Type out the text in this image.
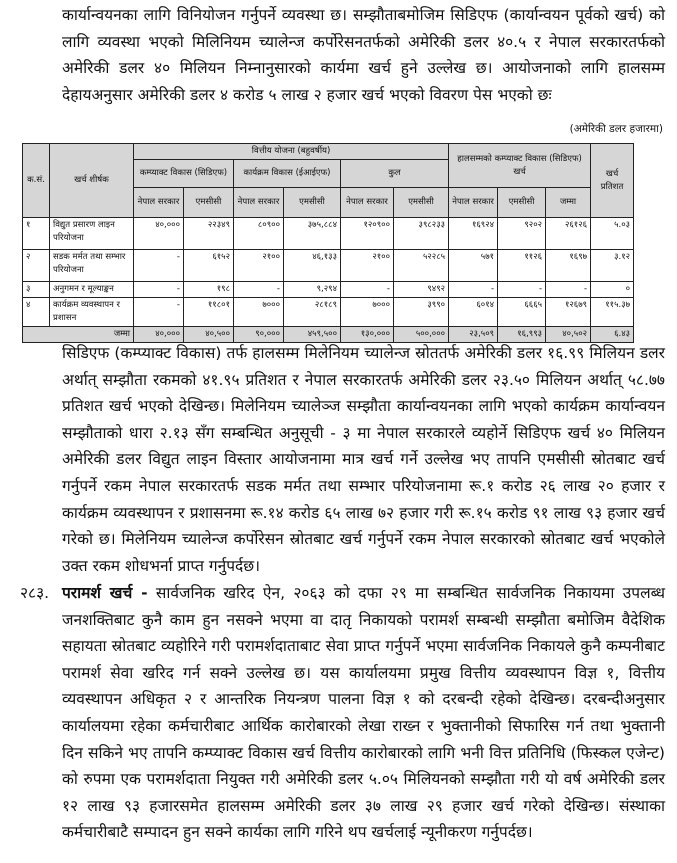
कार्यान्वयनका लागि विनियोजन गर्नुपर्ने व्यवस्था छ। सम्झौताबमोजिम सिडिएफ (कार्यान्वयन पूर्वको खर्च) को लागि व्यवस्था भएको मिलिनियम च्यालेन्ज कर्पोरेसनतर्फको अमेरिकी डलर ४०.५ र नेपाल सरकारतर्फको अमेरिकी डलर ४० मिलियन निम्नानुसारको कार्यमा खर्च हुने उल्लेख छ। आयोजनाको लागि हालसम्म देहायअनुसार अमेरिकी डलर ४ करोड ५ लाख २ हजार खर्च भएको विवरण पेस भएको छः

(अमेरिकी डलर हजारमा)
क.सं.	खर्च शीर्षक	वित्तीय योजना (बहुवर्षीय)						हालसम्मको कम्प्याक्ट विकास (सिडिएफ) खर्च			खर्च प्रतिशत
		कम्प्याक्ट विकास (सिडिएफ)		कार्यक्रम विकास (ईआईएफ)		कुल					
		नेपाल सरकार	एमसीसी	नेपाल सरकार	एमसीसी	नेपाल सरकार	एमसीसी	नेपाल सरकार	एमसीसी	जम्मा	
१	विद्युत प्रसारण लाइन परियोजना	४०,०००	२२३४९	८०९००	३७५,८८४	१२०९००	३९८२३३	१६९२४	९२०२	२६१२६	५.०३
२	सडक मर्मत तथा सम्भार परियोजना	-	६१५२	२१००	४६,१३३	२१००	५२२८५	५७१	११२६	१६९७	३.१२
३	अनुगमन र मूल्याङ्कन	-	१९८	-	९,२९४	-	९४९२	-	-	-	०
४	कार्यक्रम व्यवस्थापन र प्रशासन	-	११८०१	७०००	२८१८९	७०००	३९९०	६०१४	६६६५	१२६७९	११५.३७
जम्मा		४०,०००	४०,५००	९०,०००	४५९,५००	१३०,०००	५००,०००	२३,५०९	१६,९९३	४०,५०२	६.४३

सिडिएफ (कम्प्याक्ट विकास) तर्फ हालसम्म मिलेनियम च्यालेन्ज स्रोततर्फ अमेरिकी डलर १६.९९ मिलियन डलर अर्थात् सम्झौता रकमको ४१.९५ प्रतिशत र नेपाल सरकारतर्फ अमेरिकी डलर २३.५० मिलियन अर्थात् ५८.७७ प्रतिशत खर्च भएको देखिन्छ। मिलेनियम च्यालेञ्ज सम्झौता कार्यान्वयनका लागि भएको कार्यक्रम कार्यान्वयन सम्झौताको धारा २.१३ सँग सम्बन्धित अनुसूची - ३ मा नेपाल सरकारले व्यहोर्ने सिडिएफ खर्च ४० मिलियन अमेरिकी डलर विद्युत लाइन विस्तार आयोजनामा मात्र खर्च गर्ने उल्लेख भए तापनि एमसीसी स्रोतबाट खर्च गर्नुपर्ने रकम नेपाल सरकारतर्फ सडक मर्मत तथा सम्भार परियोजनामा रू.१ करोड २६ लाख २० हजार र कार्यक्रम व्यवस्थापन र प्रशासनमा रू.१४ करोड ६५ लाख ७२ हजार गरी रू.१५ करोड ९१ लाख ९३ हजार खर्च गरेको छ। मिलेनियम च्यालेन्ज कर्पोरेसन स्रोतबाट खर्च गर्नुपर्ने रकम नेपाल सरकारको स्रोतबाट खर्च भएकोले उक्त रकम शोधभर्ना प्राप्त गर्नुपर्दछ।

२८३. परामर्श खर्च - सार्वजनिक खरिद ऐन, २०६३ को दफा २९ मा सम्बन्धित सार्वजनिक निकायमा उपलब्ध जनशक्तिबाट कुनै काम हुन नसक्ने भएमा वा दातृ निकायको परामर्श सम्बन्धी सम्झौता बमोजिम वैदेशिक सहायता स्रोतबाट व्यहोरिने गरी परामर्शदाताबाट सेवा प्राप्त गर्नुपर्ने भएमा सार्वजनिक निकायले कुनै कम्पनीबाट परामर्श सेवा खरिद गर्न सक्ने उल्लेख छ। यस कार्यालयमा प्रमुख वित्तीय व्यवस्थापन विज्ञ १, वित्तीय व्यवस्थापन अधिकृत २ र आन्तरिक नियन्त्रण पालना विज्ञ १ को दरबन्दी रहेको देखिन्छ। दरबन्दीअनुसार कार्यालयमा रहेका कर्मचारीबाट आर्थिक कारोबारको लेखा राख्न र भुक्तानीको सिफारिस गर्न तथा भुक्तानी दिन सकिने भए तापनि कम्प्याक्ट विकास खर्च वित्तीय कारोबारको लागि भनी वित्त प्रतिनिधि (फिस्कल एजेन्ट) को रुपमा एक परामर्शदाता नियुक्त गरी अमेरिकी डलर ५.०५ मिलियनको सम्झौता गरी यो वर्ष अमेरिकी डलर १२ लाख ९३ हजारसमेत हालसम्म अमेरिकी डलर ३७ लाख २९ हजार खर्च गरेको देखिन्छ। संस्थाका कर्मचारीबाटै सम्पादन हुन सक्ने कार्यका लागि गरिने थप खर्चलाई न्यूनीकरण गर्नुपर्दछ।
